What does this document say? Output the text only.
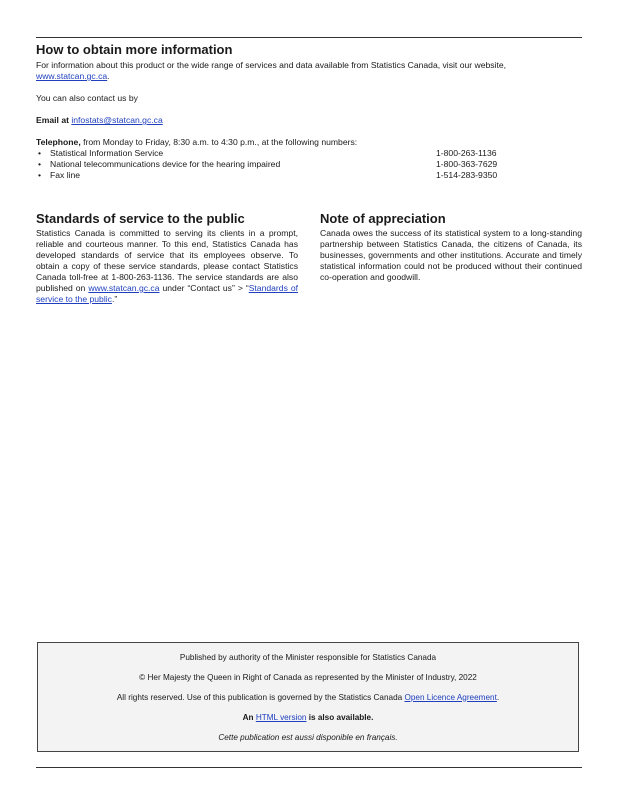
How to obtain more information

For information about this product or the wide range of services and data available from Statistics Canada, visit our website,
www.statcan.gc.ca.

You can also contact us by

Email at infostats@statcan.gc.ca

Telephone, from Monday to Friday, 8:30 a.m. to 4:30 p.m., at the following numbers:

• Statistical Information Service	1-800-263-1136
• National telecommunications device for the hearing impaired	1-800-363-7629
• Fax line	1-514-283-9350
Standards of service to the public

Statistics Canada is committed to serving its clients in a prompt, reliable and courteous manner. To this end, Statistics Canada has developed standards of service that its employees observe. To obtain a copy of these service standards, please contact Statistics Canada toll-free at 1-800-263-1136. The service standards are also published on www.statcan.gc.ca under “Contact us” > “Standards of service to the public.”

Note of appreciation

Canada owes the success of its statistical system to a long-standing partnership between Statistics Canada, the citizens of Canada, its businesses, governments and other institutions. Accurate and timely statistical information could not be produced without their continued co-operation and goodwill.

Published by authority of the Minister responsible for Statistics Canada
© Her Majesty the Queen in Right of Canada as represented by the Minister of Industry, 2022
All rights reserved. Use of this publication is governed by the Statistics Canada Open Licence Agreement.
An HTML version is also available.
Cette publication est aussi disponible en français.
